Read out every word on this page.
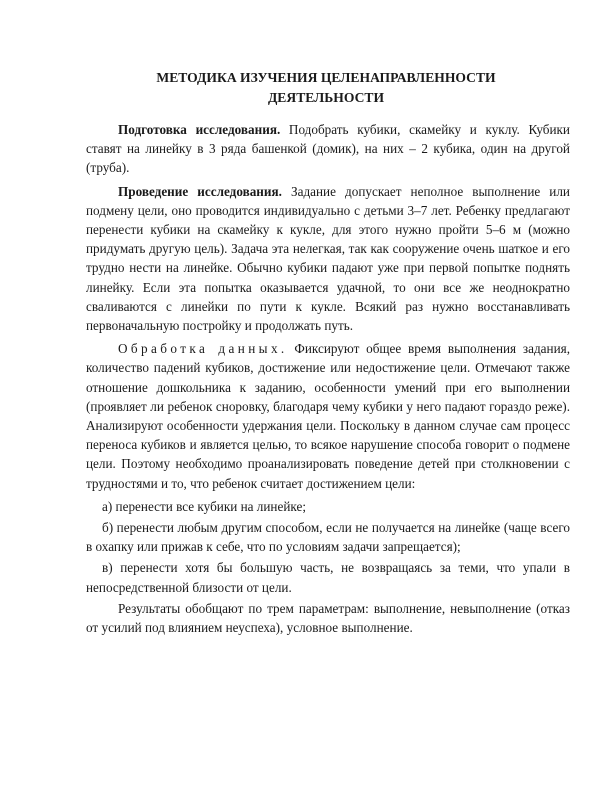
МЕТОДИКА ИЗУЧЕНИЯ ЦЕЛЕНАПРАВЛЕННОСТИ
ДЕЯТЕЛЬНОСТИ

Подготовка исследования. Подобрать кубики, скамейку и куклу. Кубики ставят на линейку в 3 ряда башенкой (домик), на них – 2 кубика, один на другой (труба).

Проведение исследования. Задание допускает неполное выполнение или подмену цели, оно проводится индивидуально с детьми 3–7 лет. Ребенку предлагают перенести кубики на скамейку к кукле, для этого нужно пройти 5–6 м (можно придумать другую цель). Задача эта нелегкая, так как сооружение очень шаткое и его трудно нести на линейке. Обычно кубики падают уже при первой попытке поднять линейку. Если эта попытка оказывается удачной, то они все же неоднократно сваливаются с линейки по пути к кукле. Всякий раз нужно восстанавливать первоначальную постройку и продолжать путь.

Обработка данных. Фиксируют общее время выполнения задания, количество падений кубиков, достижение или недостижение цели. Отмечают также отношение дошкольника к заданию, особенности умений при его выполнении (проявляет ли ребенок сноровку, благодаря чему кубики у него падают гораздо реже). Анализируют особенности удержания цели. Поскольку в данном случае сам процесс переноса кубиков и является целью, то всякое нарушение способа говорит о подмене цели. Поэтому необходимо проанализировать поведение детей при столкновении с трудностями и то, что ребенок считает достижением цели:

а) перенести все кубики на линейке;

б) перенести любым другим способом, если не получается на линейке (чаще всего в охапку или прижав к себе, что по условиям задачи запрещается);

в) перенести хотя бы большую часть, не возвращаясь за теми, что упали в непосредственной близости от цели.

Результаты обобщают по трем параметрам: выполнение, невыполнение (отказ от усилий под влиянием неуспеха), условное выполнение.
